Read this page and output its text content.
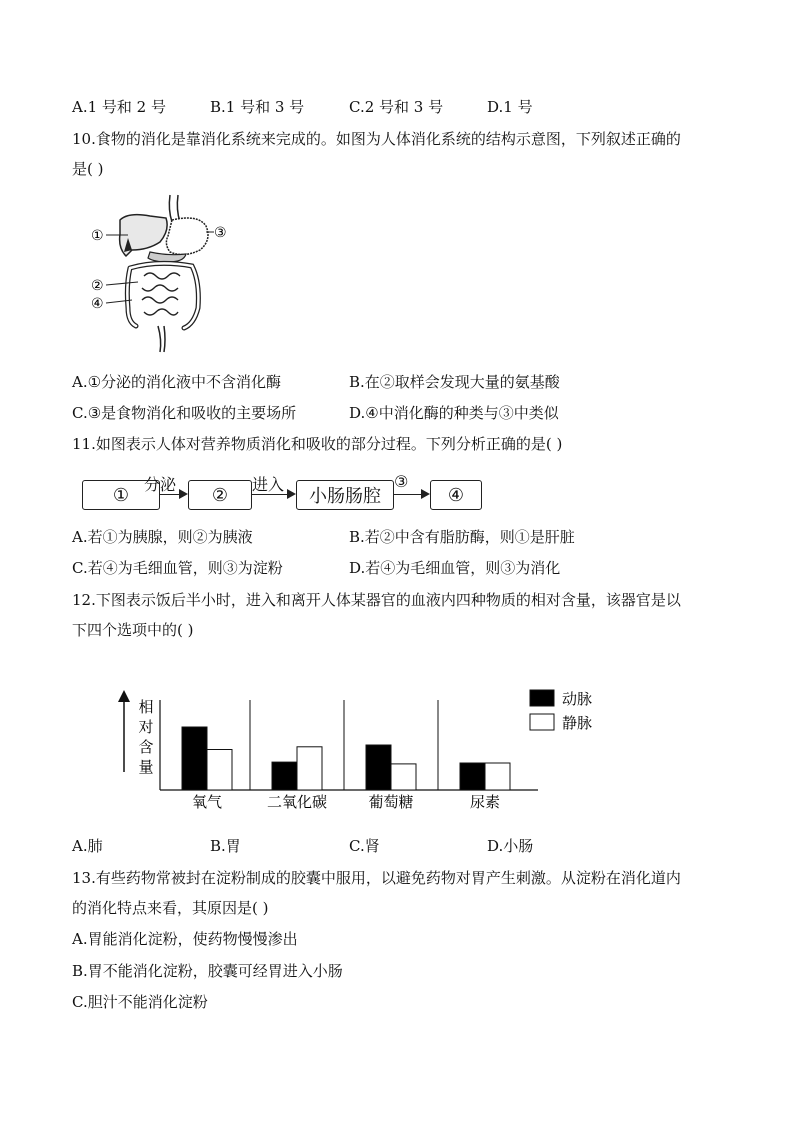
A.1 号和 2 号	B.1 号和 3 号	C.2 号和 3 号	D.1 号
10.食物的消化是靠消化系统来完成的。如图为人体消化系统的结构示意图，下列叙述正确的
是( )
①	③
②
④
A.①分泌的消化液中不含消化酶	B.在②取样会发现大量的氨基酸
C.③是食物消化和吸收的主要场所	D.④中消化酶的种类与③中类似
11.如图表示人体对营养物质消化和吸收的部分过程。下列分析正确的是( )
① 分泌	②	进入
小肠肠腔
③
④
A.若①为胰腺，则②为胰液	B.若②中含有脂肪酶，则①是肝脏
C.若④为毛细血管，则③为淀粉	D.若④为毛细血管，则③为消化
12.下图表示饭后半小时，进入和离开人体某器官的血液内四种物质的相对含量，该器官是以
下四个选项中的( )
相
对
含
量
氧气	二氧化碳	葡萄糖	尿素
动脉
静脉
A.肺	B.胃	C.肾	D.小肠
13.有些药物常被封在淀粉制成的胶囊中服用，以避免药物对胃产生刺激。从淀粉在消化道内
的消化特点来看，其原因是( )
A.胃能消化淀粉，使药物慢慢渗出
B.胃不能消化淀粉，胶囊可经胃进入小肠
C.胆汁不能消化淀粉
